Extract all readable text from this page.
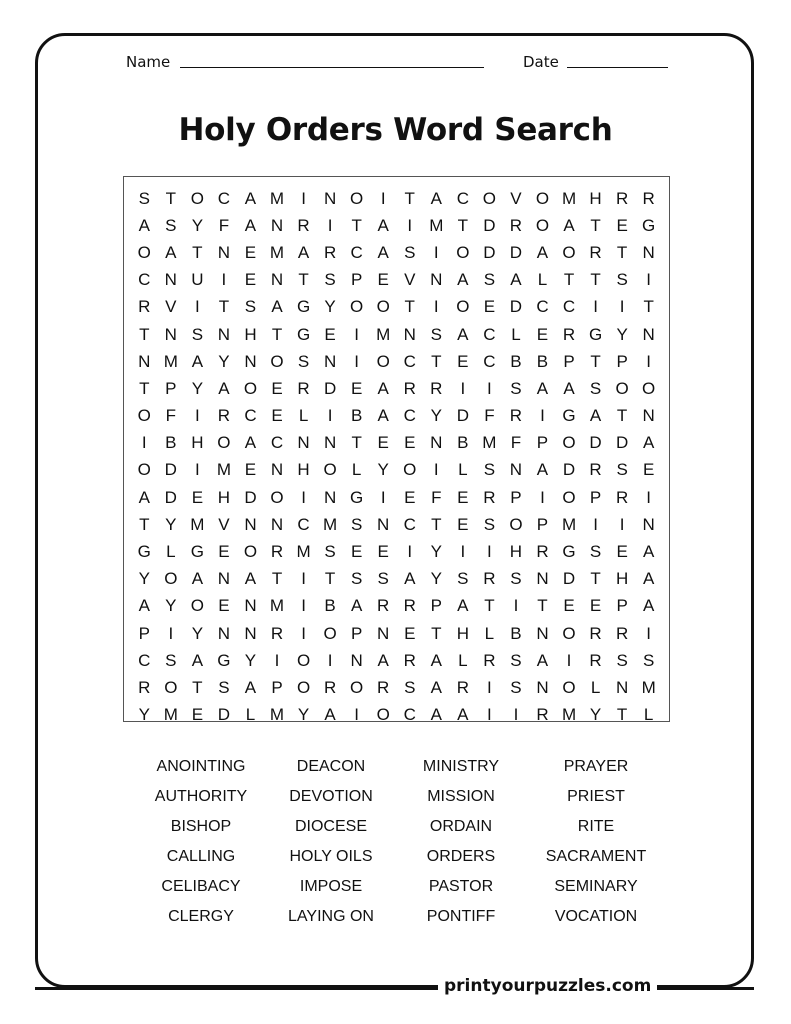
Name	Date
Holy Orders Word Search
S T O C A M	I	N O	I	T A C O V O M H R R
A S Y F A N R	I	T A	I	M T D R O A T E G
O A T N E M A R C A S	I	O D D A O R T N
C N U	I	E N T S P E V N A S A L T T S	I
R V	I	T S A G Y O O T	I	O E D C C	I	I	T
T N S N H T G E	I	M N S A C L E R G Y N
N M A Y N O S N	I	O C T E C B B P T P	I
T P Y A O E R D E A R R	I	I	S A A S O O
O F	I	R C E L	I	B A C Y D F R	I	G A T N
I	B H O A C N N T E E N B M F P O D D A
O D	I	M E N H O L Y O	I	L S N A D R S E
A D E H D O	I	N G	I	E F E R P	I	O P R	I
T Y M V N N C M S N C T E S O P M	I	I	N
G L G E O R M S E E	I	Y	I	I	H R G S E A
Y O A N A T	I	T S S A Y S R S N D T H A
A Y O E N M	I	B A R R P A T	I	T E E P A
P	I	Y N N R	I	O P N E T H L B N O R R	I
C S A G Y	I	O	I	N A R A L R S A	I	R S S
R O T S A P O R O R S A R	I	S N O L N M
Y M E D L M Y A	I	O C A A	I	I	R M Y T L
ANOINTING	DEACON	MINISTRY	PRAYER
AUTHORITY	DEVOTION	MISSION	PRIEST
BISHOP	DIOCESE	ORDAIN	RITE
CALLING	HOLY OILS	ORDERS	SACRAMENT
CELIBACY	IMPOSE	PASTOR	SEMINARY
CLERGY	LAYING ON	PONTIFF	VOCATION
printyourpuzzles.com
